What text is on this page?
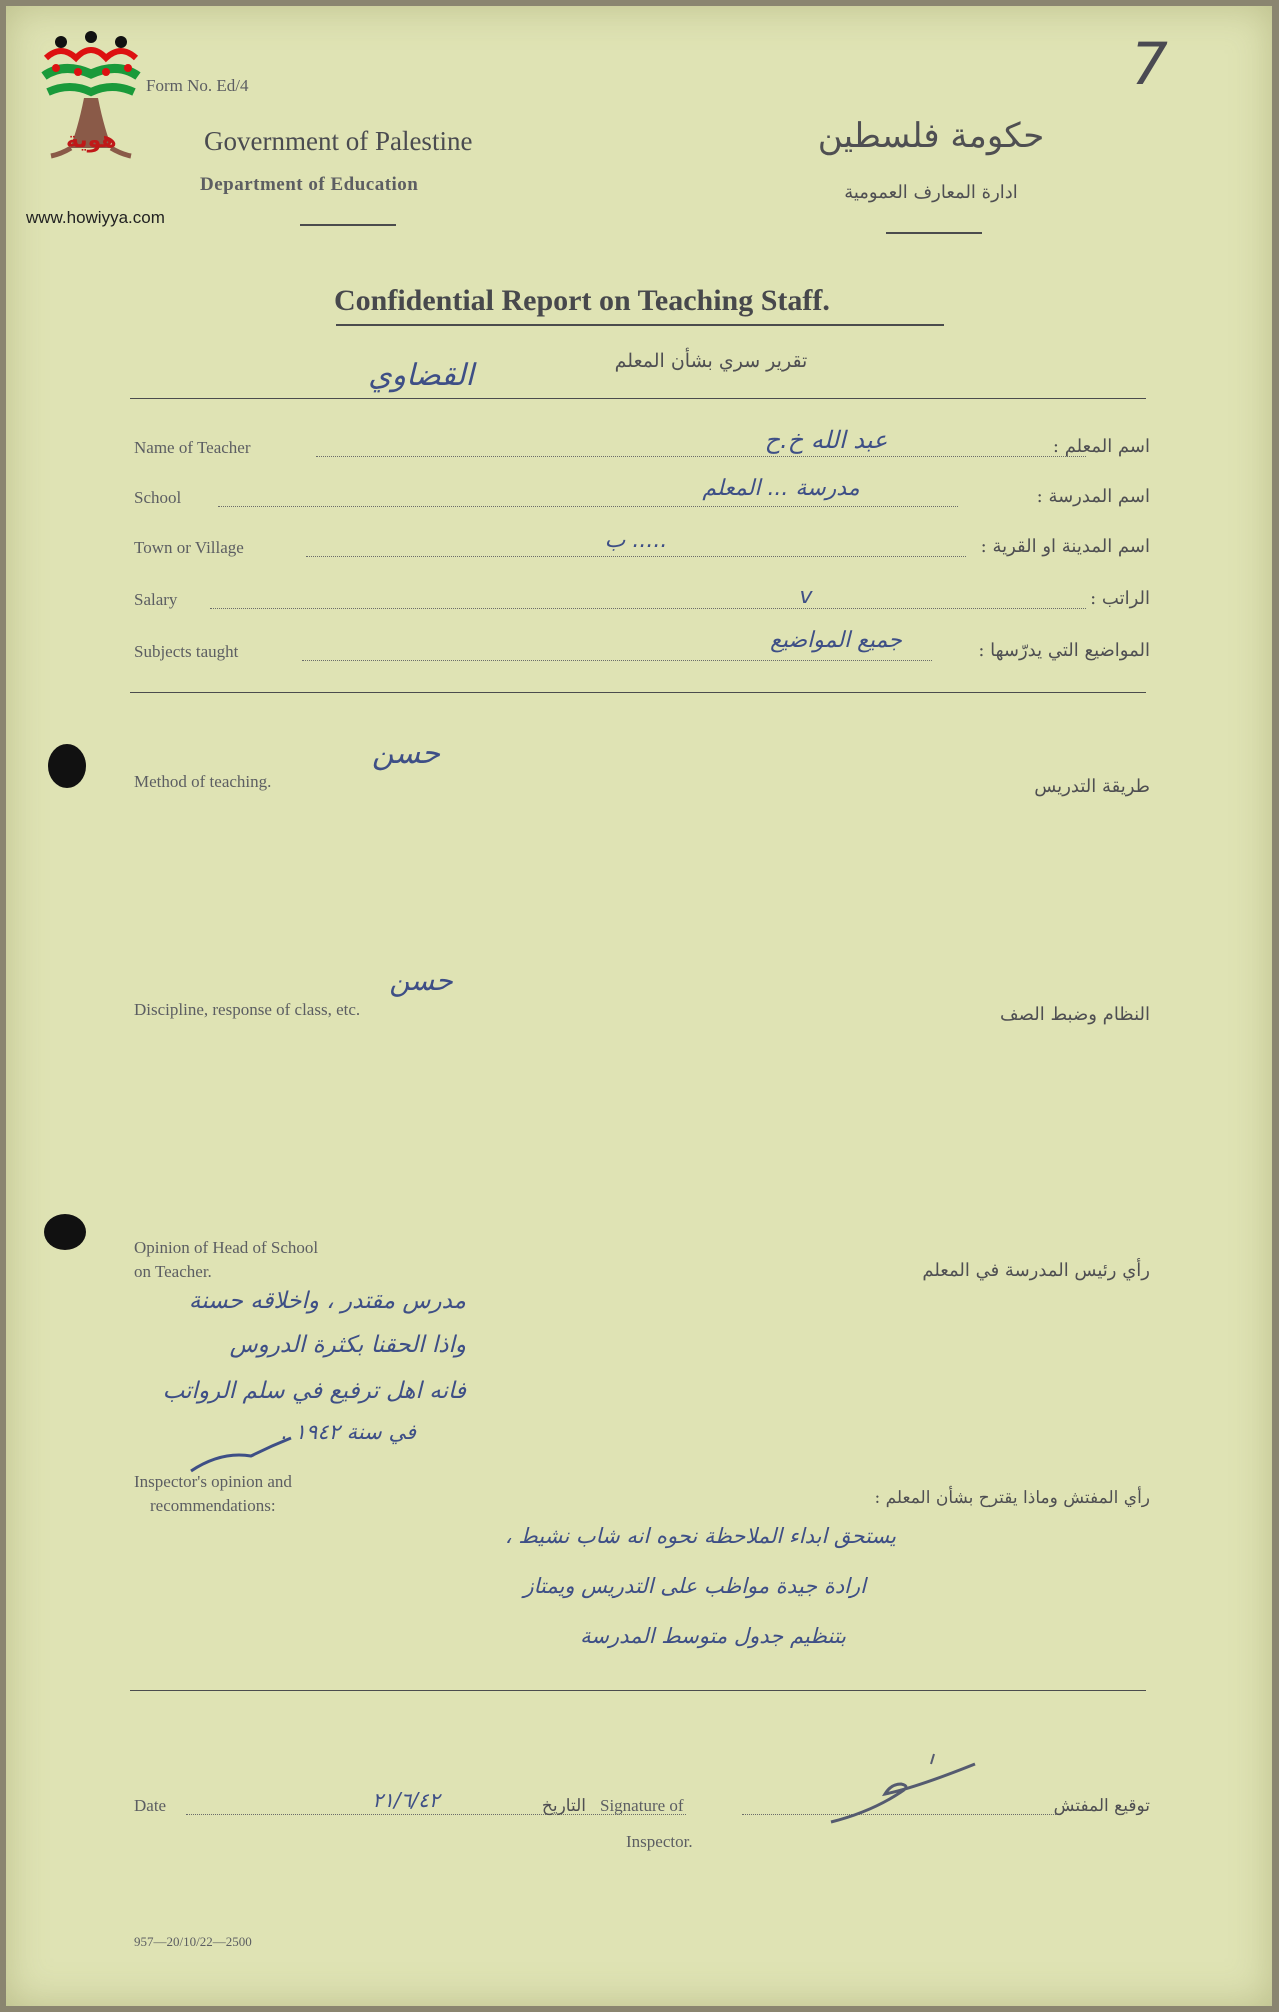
هوية
www.howiyya.com
7
Form No. Ed/4
Government of Palestine
Department of Education
حكومة فلسطين
ادارة المعارف العمومية
Confidential Report on Teaching Staff.
تقرير سري بشأن المعلم
القضاوي
Name of Teacher	عبد الله خ.ح	اسم المعلم :
School	مدرسة ... المعلم	اسم المدرسة :
Town or Village	..... ب	اسم المدينة او القرية :
Salary	v	الراتب :
Subjects taught	جميع المواضيع	المواضيع التي يدرّسها :
Method of teaching.
حسن
طريقة التدريس
Discipline, response of class, etc.
حسن
النظام وضبط الصف
Opinion of Head of School
on Teacher.	رأي رئيس المدرسة في المعلم
مدرس مقتدر ، واخلاقه حسنة
واذا الحقنا بكثرة الدروس
فانه اهل ترفيع في سلم الرواتب
في سنة ١٩٤٢ .
Inspector's opinion and
recommendations:	رأي المفتش وماذا يقترح بشأن المعلم :
يستحق ابداء الملاحظة نحوه انه شاب نشيط ،
ارادة جيدة مواظب على التدريس ويمتاز
بتنظيم جدول متوسط المدرسة
Date	٢١/٦/٤٢	التاريخ Signature of
Inspector.
توقيع المفتش
957—20/10/22—2500
